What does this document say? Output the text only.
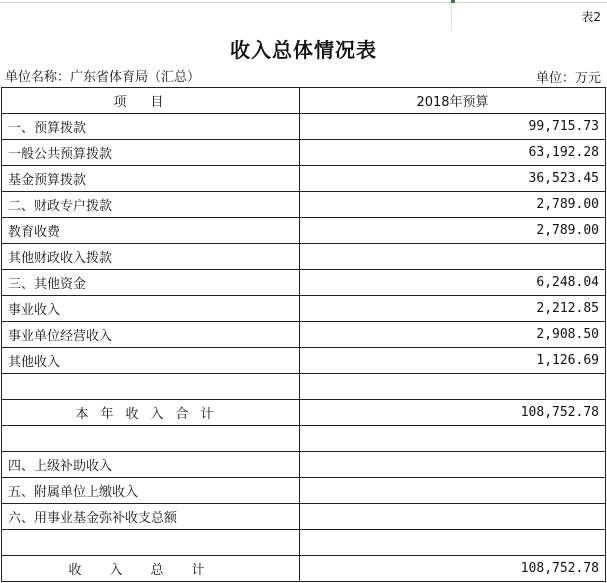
表2
收入总体情况表
单位名称：广东省体育局（汇总）	单位：万元
项目	2018年预算
一、预算拨款	99,715.73
一般公共预算拨款	63,192.28
基金预算拨款	36,523.45
二、财政专户拨款	2,789.00
教育收费	2,789.00
其他财政收入拨款	
三、其他资金	6,248.04
事业收入	2,212.85
事业单位经营收入	2,908.50
其他收入	1,126.69

本年收入合计	108,752.78

四、上级补助收入	
五、附属单位上缴收入	
六、用事业基金弥补收支总额	

收入总计	108,752.78
